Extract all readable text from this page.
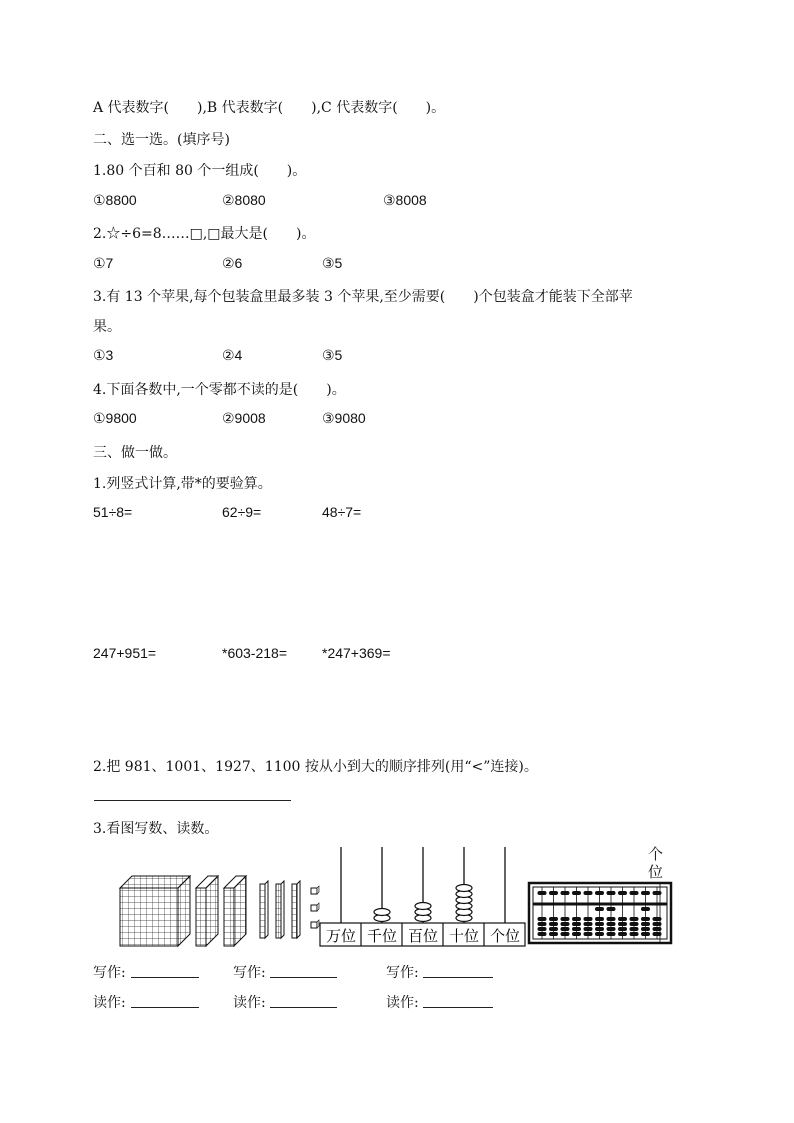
A 代表数字(　　),B 代表数字(　　),C 代表数字(　　)。
二、选一选。(填序号)
1.80 个百和 80 个一组成(　　)。
①8800	②8080	③8008
2.☆÷6=8……□,□最大是(　　)。
①7	②6	③5
3.有 13 个苹果,每个包装盒里最多装 3 个苹果,至少需要(　　)个包装盒才能装下全部苹
果。
①3	②4	③5
4.下面各数中,一个零都不读的是(　　)。
①9800	②9008	③9080
三、做一做。
1.列竖式计算,带*的要验算。
51÷8=	62÷9=	48÷7=
247+951=	*603-218= *247+369=
2.把 981、1001、1927、1100 按从小到大的顺序排列(用“<”连接)。
3.看图写数、读数。
万位 千位 百位 十位 个位
个
位
写作:	写作:	写作:
读作:	读作:	读作:
